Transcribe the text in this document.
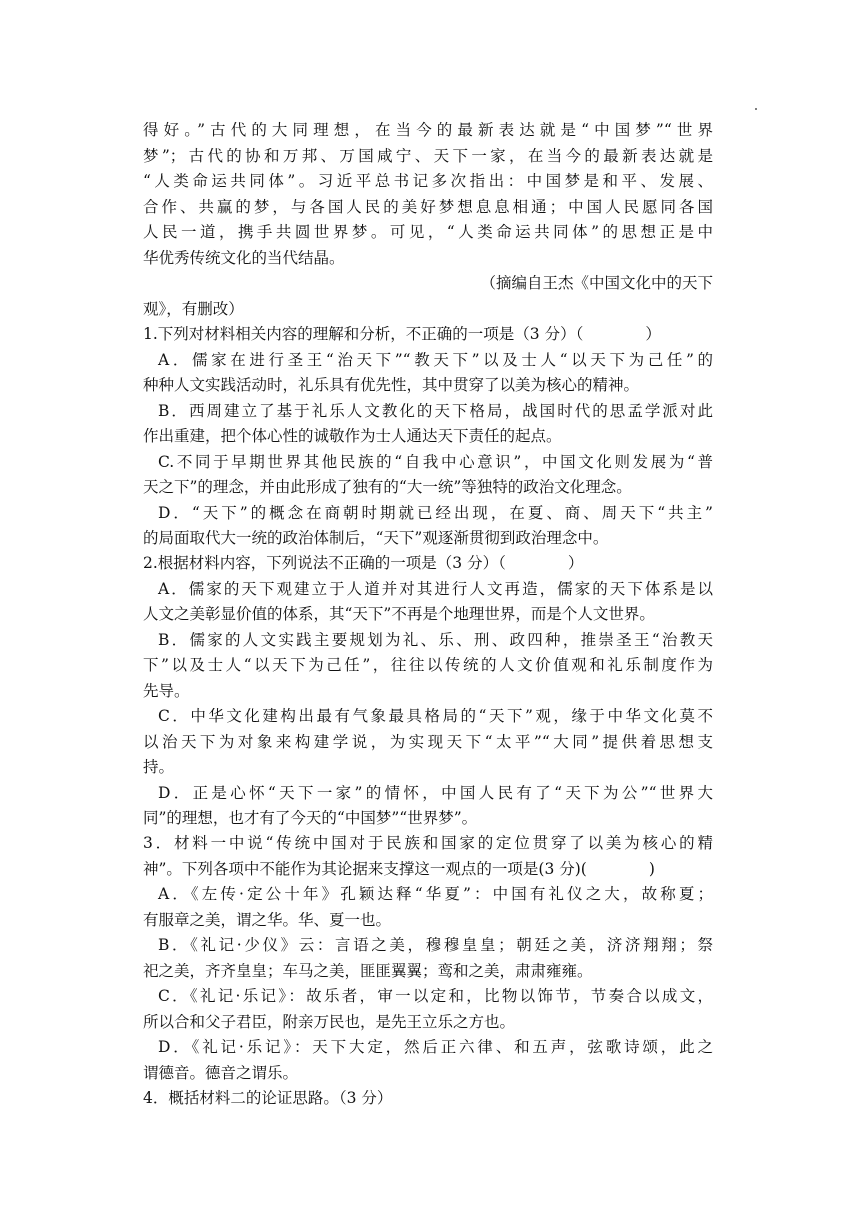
得好。”古代的大同理想，在当今的最新表达就是“中国梦”“世界
梦”；古代的协和万邦、万国咸宁、天下一家，在当今的最新表达就是
“人类命运共同体”。习近平总书记多次指出：中国梦是和平、发展、
合作、共赢的梦，与各国人民的美好梦想息息相通；中国人民愿同各国
人民一道，携手共圆世界梦。可见，“人类命运共同体”的思想正是中
华优秀传统文化的当代结晶。
（摘编自王杰《中国文化中的天下
观》，有删改）
1.下列对材料相关内容的理解和分析，不正确的一项是（3 分）（　　　　）
A．儒家在进行圣王“治天下”“教天下”以及士人“以天下为己任”的
种种人文实践活动时，礼乐具有优先性，其中贯穿了以美为核心的精神。
B．西周建立了基于礼乐人文教化的天下格局，战国时代的思孟学派对此
作出重建，把个体心性的诚敬作为士人通达天下责任的起点。
C.不同于早期世界其他民族的“自我中心意识”，中国文化则发展为“普
天之下”的理念，并由此形成了独有的“大一统”等独特的政治文化理念。
D．“天下”的概念在商朝时期就已经出现，在夏、商、周天下“共主”
的局面取代大一统的政治体制后，“天下”观逐渐贯彻到政治理念中。
2.根据材料内容，下列说法不正确的一项是（3 分）（　　　　）
A．儒家的天下观建立于人道并对其进行人文再造，儒家的天下体系是以
人文之美彰显价值的体系，其“天下”不再是个地理世界，而是个人文世界。
B．儒家的人文实践主要规划为礼、乐、刑、政四种，推崇圣王“治教天
下”以及士人“以天下为己任”，往往以传统的人文价值观和礼乐制度作为
先导。
C．中华文化建构出最有气象最具格局的“天下”观，缘于中华文化莫不
以治天下为对象来构建学说，为实现天下“太平”“大同”提供着思想支
持。
D．正是心怀“天下一家”的情怀，中国人民有了“天下为公”“世界大
同”的理想，也才有了今天的“中国梦”“世界梦”。
3．材料一中说“传统中国对于民族和国家的定位贯穿了以美为核心的精
神”。下列各项中不能作为其论据来支撑这一观点的一项是(3 分)(　　　　)
A．《左传·定公十年》孔颖达释“华夏”：中国有礼仪之大，故称夏；
有服章之美，谓之华。华、夏一也。
B．《礼记·少仪》云：言语之美，穆穆皇皇；朝廷之美，济济翔翔；祭
祀之美，齐齐皇皇；车马之美，匪匪翼翼；鸾和之美，肃肃雍雍。
C．《礼记·乐记》：故乐者，审一以定和，比物以饰节，节奏合以成文，
所以合和父子君臣，附亲万民也，是先王立乐之方也。
D．《礼记·乐记》：天下大定，然后正六律、和五声，弦歌诗颂，此之
谓德音。德音之谓乐。
4．概括材料二的论证思路。（3 分）
